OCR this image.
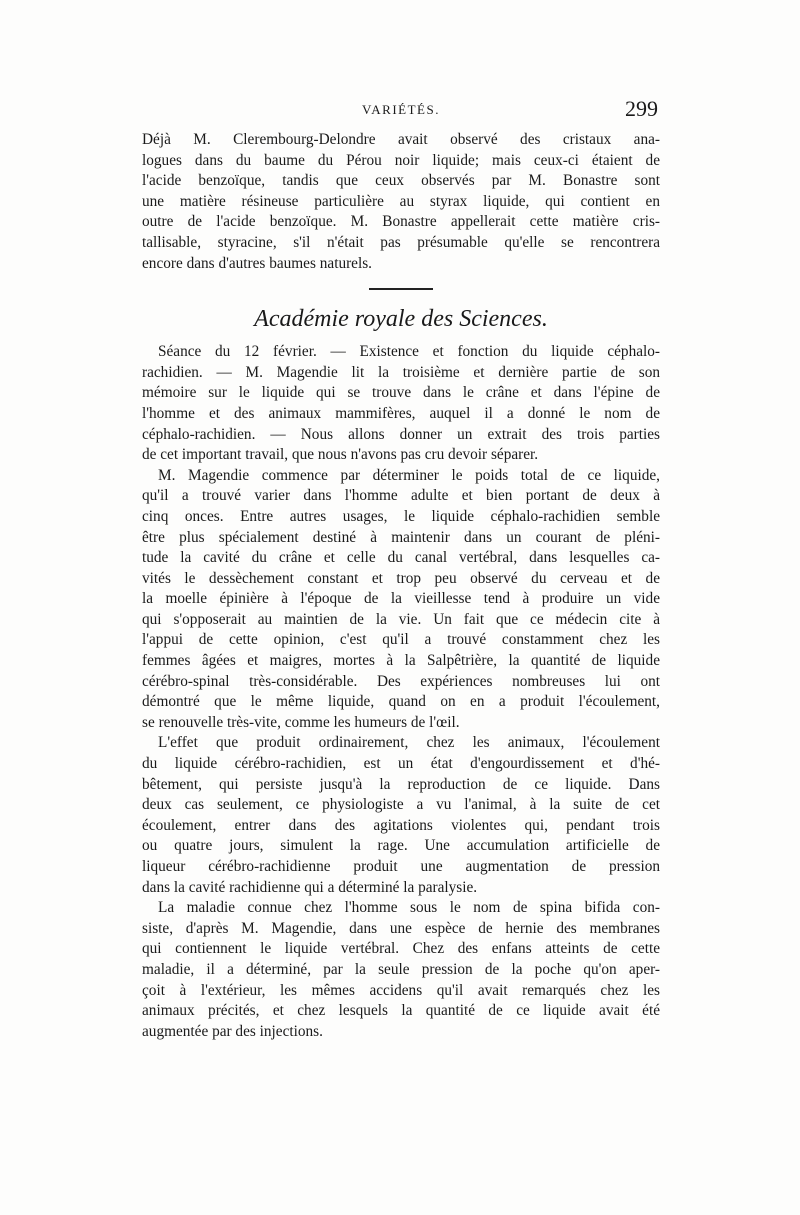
VARIÉTÉS.	299
Déjà M. Clerembourg-Delondre avait observé des cristaux ana-
logues dans du baume du Pérou noir liquide; mais ceux-ci étaient de
l'acide benzoïque, tandis que ceux observés par M. Bonastre sont
une matière résineuse particulière au styrax liquide, qui contient en
outre de l'acide benzoïque. M. Bonastre appellerait cette matière cris-
tallisable, styracine, s'il n'était pas présumable qu'elle se rencontrera
encore dans d'autres baumes naturels.
Académie royale des Sciences.
Séance du 12 février. — Existence et fonction du liquide céphalo-
rachidien. — M. Magendie lit la troisième et dernière partie de son
mémoire sur le liquide qui se trouve dans le crâne et dans l'épine de
l'homme et des animaux mammifères, auquel il a donné le nom de
céphalo-rachidien. — Nous allons donner un extrait des trois parties
de cet important travail, que nous n'avons pas cru devoir séparer.
M. Magendie commence par déterminer le poids total de ce liquide,
qu'il a trouvé varier dans l'homme adulte et bien portant de deux à
cinq onces. Entre autres usages, le liquide céphalo-rachidien semble
être plus spécialement destiné à maintenir dans un courant de pléni-
tude la cavité du crâne et celle du canal vertébral, dans lesquelles ca-
vités le dessèchement constant et trop peu observé du cerveau et de
la moelle épinière à l'époque de la vieillesse tend à produire un vide
qui s'opposerait au maintien de la vie. Un fait que ce médecin cite à
l'appui de cette opinion, c'est qu'il a trouvé constamment chez les
femmes âgées et maigres, mortes à la Salpêtrière, la quantité de liquide
cérébro-spinal très-considérable. Des expériences nombreuses lui ont
démontré que le même liquide, quand on en a produit l'écoulement,
se renouvelle très-vite, comme les humeurs de l'œil.
L'effet que produit ordinairement, chez les animaux, l'écoulement
du liquide cérébro-rachidien, est un état d'engourdissement et d'hé-
bêtement, qui persiste jusqu'à la reproduction de ce liquide. Dans
deux cas seulement, ce physiologiste a vu l'animal, à la suite de cet
écoulement, entrer dans des agitations violentes qui, pendant trois
ou quatre jours, simulent la rage. Une accumulation artificielle de
liqueur cérébro-rachidienne produit une augmentation de pression
dans la cavité rachidienne qui a déterminé la paralysie.
La maladie connue chez l'homme sous le nom de spina bifida con-
siste, d'après M. Magendie, dans une espèce de hernie des membranes
qui contiennent le liquide vertébral. Chez des enfans atteints de cette
maladie, il a déterminé, par la seule pression de la poche qu'on aper-
çoit à l'extérieur, les mêmes accidens qu'il avait remarqués chez les
animaux précités, et chez lesquels la quantité de ce liquide avait été
augmentée par des injections.
